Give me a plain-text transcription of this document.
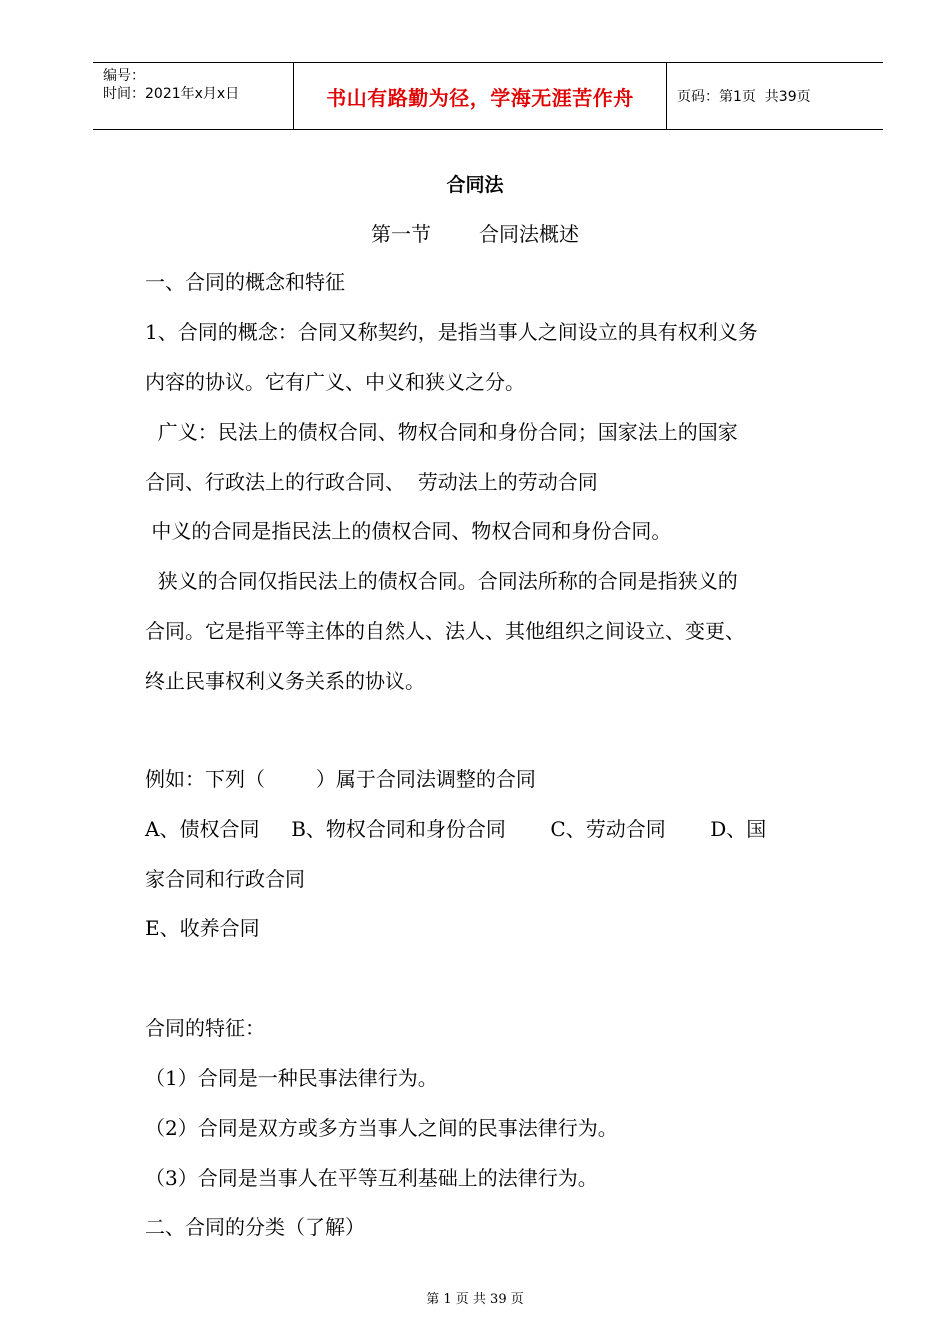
编号：
时间：2021年x月x日	书山有路勤为径，学海无涯苦作舟	页码：第1页  共39页
合同法
第一节 合同法概述
一、合同的概念和特征
1、合同的概念：合同又称契约，是指当事人之间设立的具有权利义务
内容的协议。它有广义、中义和狭义之分。
广义：民法上的债权合同、物权合同和身份合同；国家法上的国家
合同、行政法上的行政合同、  劳动法上的劳动合同
中义的合同是指民法上的债权合同、物权合同和身份合同。
狭义的合同仅指民法上的债权合同。合同法所称的合同是指狭义的
合同。它是指平等主体的自然人、法人、其他组织之间设立、变更、
终止民事权利义务关系的协议。
例如：下列（        ）属于合同法调整的合同
A、债权合同     B、物权合同和身份合同       C、劳动合同       D、国
家合同和行政合同
E、收养合同
合同的特征：
（1）合同是一种民事法律行为。
（2）合同是双方或多方当事人之间的民事法律行为。
（3）合同是当事人在平等互利基础上的法律行为。
二、合同的分类（了解）
第 1 页 共 39 页
